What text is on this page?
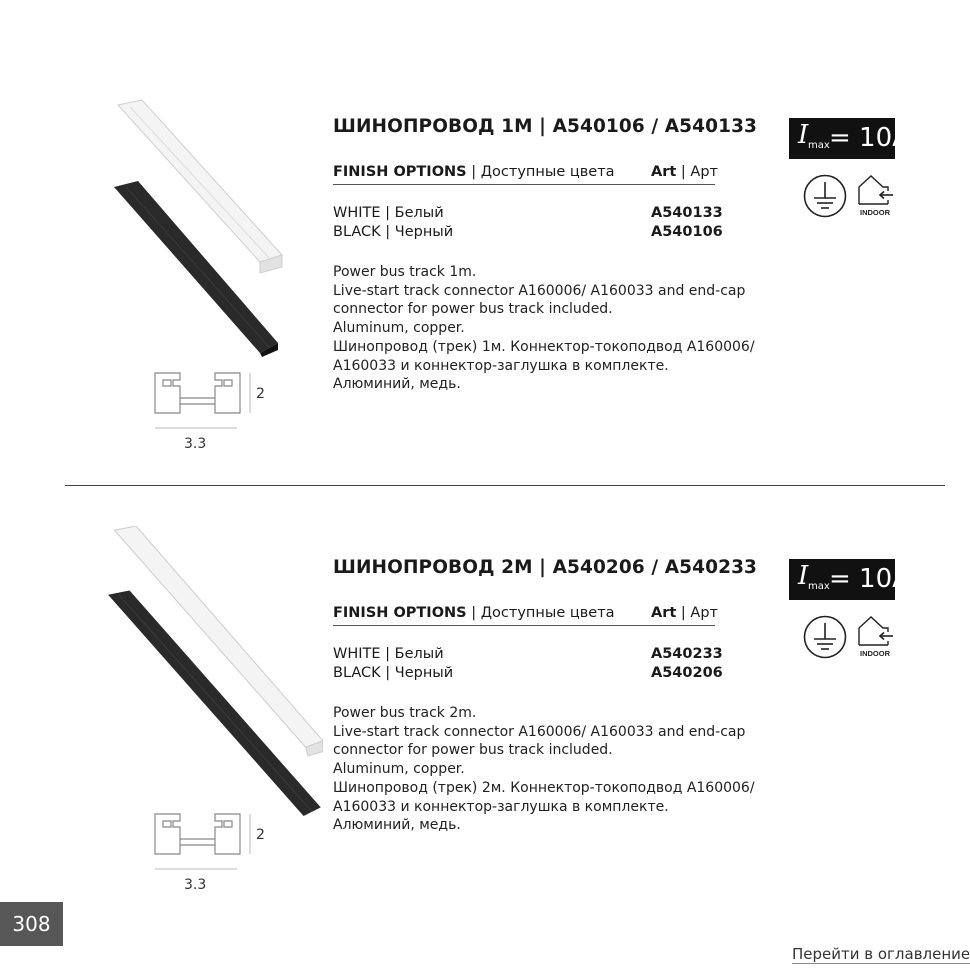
3.3
2
ШИНОПРОВОД 1М | A540106 / A540133
FINISH OPTIONS | Доступные цвета	Art | Арт
WHITE | Белый	A540133
BLACK | Черный	A540106
Power bus track 1m.
Live-start track connector A160006/ A160033 and end-cap
connector for power bus track included.
Aluminum, copper.
Шинопровод (трек) 1м. Коннектор-токоподвод A160006/
A160033 и коннектор-заглушка в комплекте.
Алюминий, медь.
I max = 10A
INDOOR
3.3
2
ШИНОПРОВОД 2М | A540206 / A540233
FINISH OPTIONS | Доступные цвета	Art | Арт
WHITE | Белый	A540233
BLACK | Черный	A540206
Power bus track 2m.
Live-start track connector A160006/ A160033 and end-cap
connector for power bus track included.
Aluminum, copper.
Шинопровод (трек) 2м. Коннектор-токоподвод A160006/
A160033 и коннектор-заглушка в комплекте.
Алюминий, медь.
I max = 10A
INDOOR
308
Перейти в оглавление
